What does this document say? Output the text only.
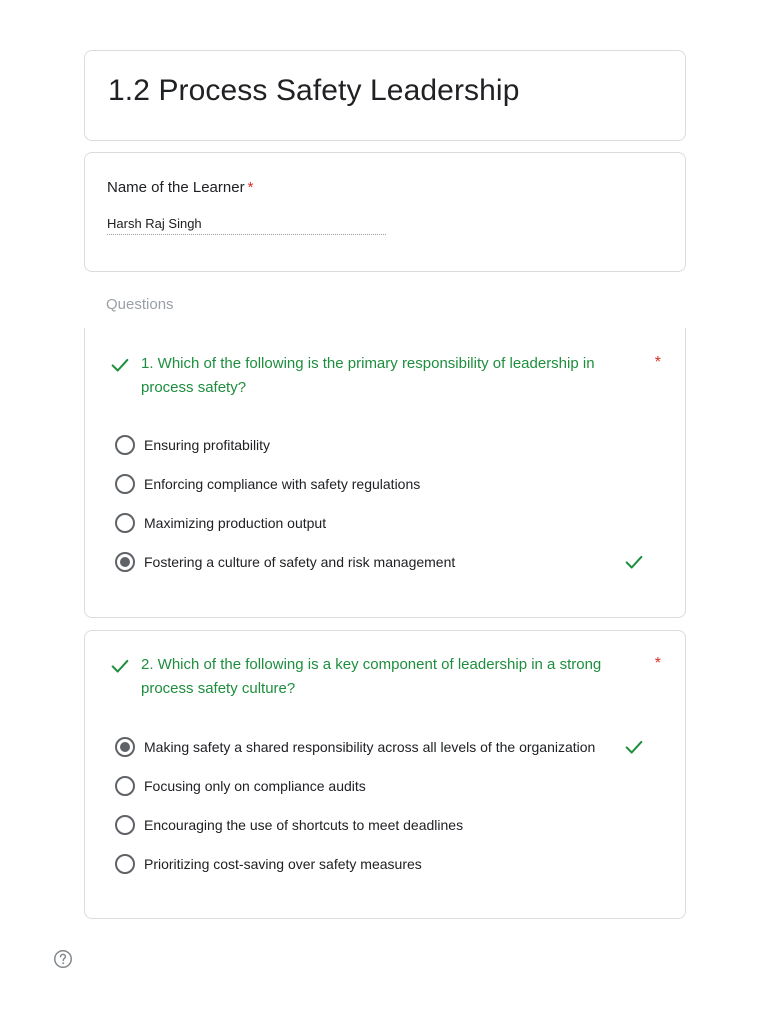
1.2 Process Safety Leadership
Name of the Learner *
Harsh Raj Singh
Questions
1. Which of the following is the primary responsibility of leadership in process safety?
*
Ensuring profitability
Enforcing compliance with safety regulations
Maximizing production output
Fostering a culture of safety and risk management
2. Which of the following is a key component of leadership in a strong process safety culture?
*
Making safety a shared responsibility across all levels of the organization
Focusing only on compliance audits
Encouraging the use of shortcuts to meet deadlines
Prioritizing cost-saving over safety measures
